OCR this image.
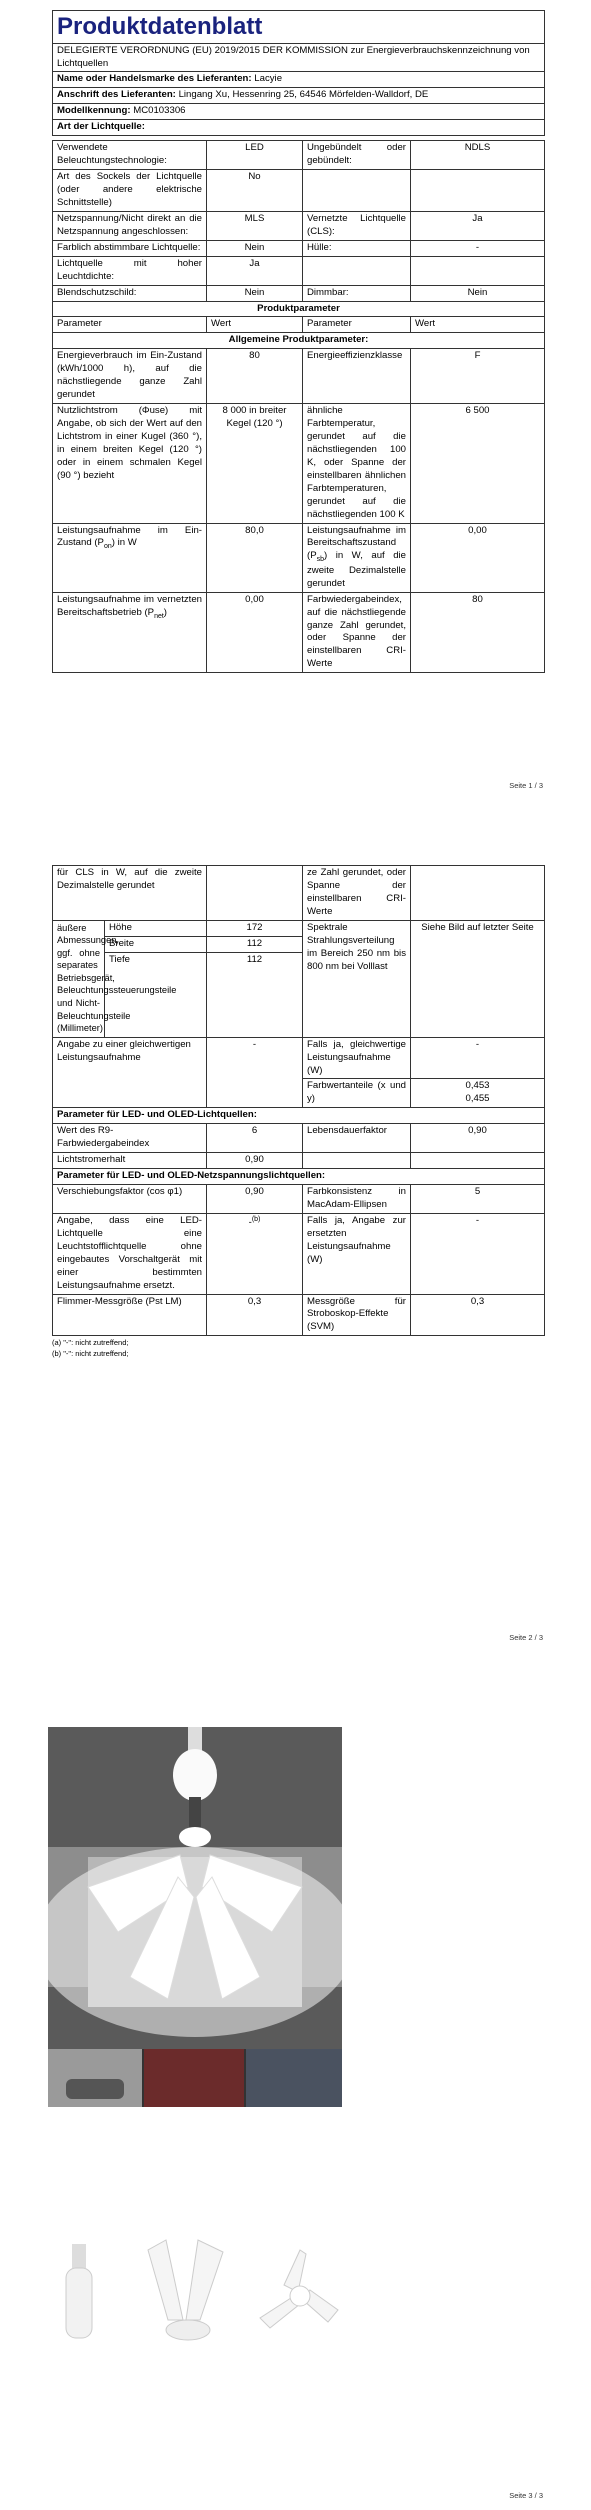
Produktdatenblatt
DELEGIERTE VERORDNUNG (EU) 2019/2015 DER KOMMISSION zur Energieverbrauchskennzeichnung von Lichtquellen
Name oder Handelsmarke des Lieferanten: Lacyie
Anschrift des Lieferanten: Lingang Xu, Hessenring 25, 64546 Mörfelden-Walldorf, DE
Modellkennung: MC0103306
Art der Lichtquelle:
Verwendete Beleuchtungstechnologie:	LED	Ungebündelt oder gebündelt:	NDLS
Art des Sockels der Lichtquelle (oder andere elektrische Schnittstelle)	No		
Netzspannung/Nicht direkt an die Netzspannung angeschlossen:	MLS	Vernetzte Lichtquelle (CLS):	Ja
Farblich abstimmbare Lichtquelle:	Nein	Hülle:	-
Lichtquelle mit hoher Leuchtdichte:	Ja		
Blendschutzschild:	Nein	Dimmbar:	Nein
Produktparameter			
Parameter	Wert	Parameter	Wert
Allgemeine Produktparameter:			
Energieverbrauch im Ein-Zustand (kWh/1000 h), auf die nächstliegende ganze Zahl gerundet	80	Energieeffizienzklasse	F
Nutzlichtstrom (Φuse) mit Angabe, ob sich der Wert auf den Lichtstrom in einer Kugel (360 °), in einem breiten Kegel (120 °) oder in einem schmalen Kegel (90 °) bezieht	8 000 in breiter Kegel (120 °)	ähnliche Farbtemperatur, gerundet auf die nächstliegenden 100 K, oder Spanne der einstellbaren ähnlichen Farbtemperaturen, gerundet auf die nächstliegenden 100 K	6 500
Leistungsaufnahme im Ein-Zustand $(P_{on})$ in W	80,0	Leistungsaufnahme im Bereitschaftszustand $(P_{sb})$ in W, auf die zweite Dezimalstelle gerundet	0,00
Leistungsaufnahme im vernetzten Bereitschaftsbetrieb $(P_{net})$	0,00	Farbwiedergabeindex, auf die nächstliegende ganze Zahl gerundet, oder Spanne der einstellbaren CRI-Werte	80
Seite 1 / 3
für CLS in W, auf die zweite Dezimalstelle gerundet			ze Zahl gerundet, oder Spanne der einstellbaren CRI-Werte	
äußere Abmessungen, ggf. ohne separates Betriebsgerät, Beleuchtungssteuerungsteile und Nicht-Beleuchtungsteile (Millimeter)	Höhe	172	Spektrale Strahlungsverteilung im Bereich 250 nm bis 800 nm bei Volllast	Siehe Bild auf letzter Seite
	Breite	112		
	Tiefe	112		
Angabe zu einer gleichwertigen Leistungsaufnahme		-	Falls ja, gleichwertige Leistungsaufnahme (W)	-
			Farbwertanteile (x und y)	0,453
0,455

Parameter für LED- und OLED-Lichtquellen:				
Wert des R9-Farbwiedergabeindex		6	Lebensdauerfaktor	0,90
Lichtstromerhalt		0,90		
Parameter für LED- und OLED-Netzspannungslichtquellen:				
Verschiebungsfaktor (cos φ1)		0,90	Farbkonsistenz in MacAdam-Ellipsen	5
Angabe, dass eine LED-Lichtquelle eine Leuchtstofflichtquelle ohne eingebautes Vorschaltgerät mit einer bestimmten Leistungsaufnahme ersetzt.		-$^{(b)}$	Falls ja, Angabe zur ersetzten Leistungsaufnahme (W)	-
Flimmer-Messgröße (Pst LM)		0,3	Messgröße für Stroboskop-Effekte (SVM)	0,3
(a) "-": nicht zutreffend;
(b) "-": nicht zutreffend;
Seite 2 / 3
Seite 3 / 3
